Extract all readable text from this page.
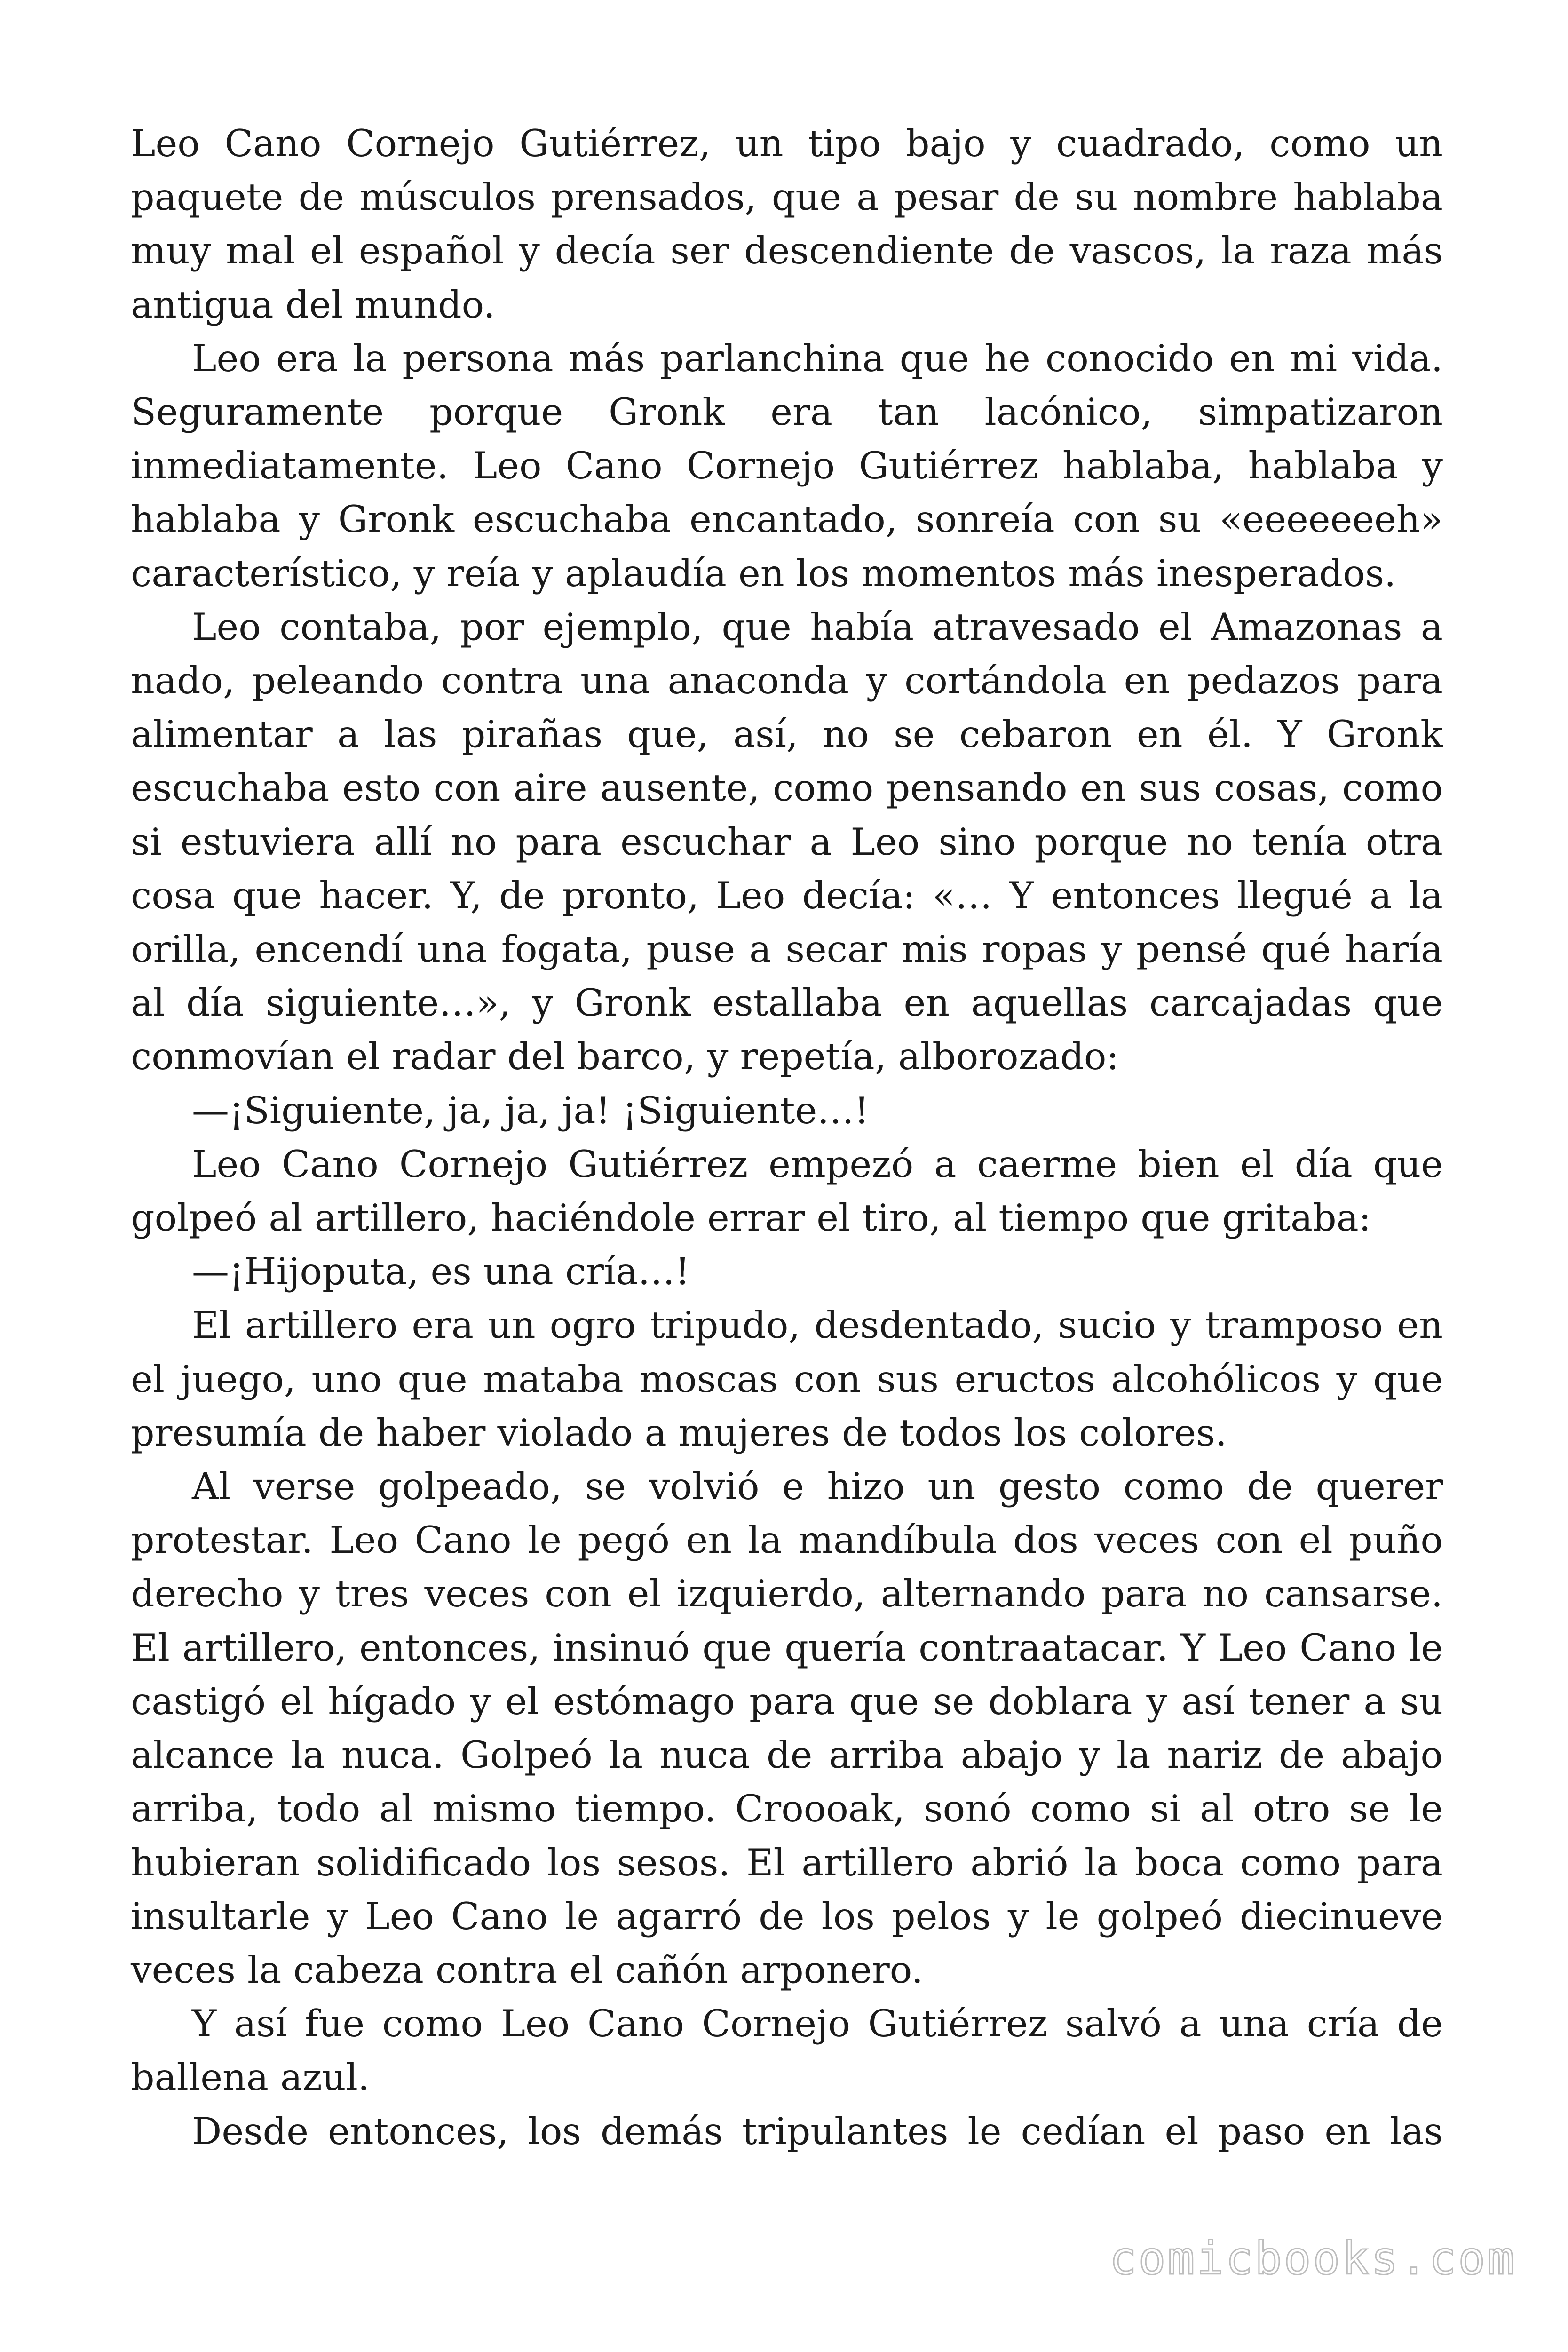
Leo Cano Cornejo Gutiérrez, un tipo bajo y cuadrado, como un paquete de músculos prensados, que a pesar de su nombre hablaba muy mal el español y decía ser descendiente de vascos, la raza más antigua del mundo.

Leo era la persona más parlanchina que he conocido en mi vida. Seguramente porque Gronk era tan lacónico, simpatizaron inmediatamente. Leo Cano Cornejo Gutiérrez hablaba, hablaba y hablaba y Gronk escuchaba encantado, sonreía con su «eeeeeeeh» característico, y reía y aplaudía en los momentos más inesperados.

Leo contaba, por ejemplo, que había atravesado el Amazonas a nado, peleando contra una anaconda y cortándola en pedazos para alimentar a las pirañas que, así, no se cebaron en él. Y Gronk escuchaba esto con aire ausente, como pensando en sus cosas, como si estuviera allí no para escuchar a Leo sino porque no tenía otra cosa que hacer. Y, de pronto, Leo decía: «… Y entonces llegué a la orilla, encendí una fogata, puse a secar mis ropas y pensé qué haría al día siguiente…», y Gronk estallaba en aquellas carcajadas que conmovían el radar del barco, y repetía, alborozado:

—¡Siguiente, ja, ja, ja! ¡Siguiente…!

Leo Cano Cornejo Gutiérrez empezó a caerme bien el día que golpeó al artillero, haciéndole errar el tiro, al tiempo que gritaba:

—¡Hijoputa, es una cría…!

El artillero era un ogro tripudo, desdentado, sucio y tramposo en el juego, uno que mataba moscas con sus eructos alcohólicos y que presumía de haber violado a mujeres de todos los colores.

Al verse golpeado, se volvió e hizo un gesto como de querer protestar. Leo Cano le pegó en la mandíbula dos veces con el puño derecho y tres veces con el izquierdo, alternando para no cansarse. El artillero, entonces, insinuó que quería contraatacar. Y Leo Cano le castigó el hígado y el estómago para que se doblara y así tener a su alcance la nuca. Golpeó la nuca de arriba abajo y la nariz de abajo arriba, todo al mismo tiempo. Croooak, sonó como si al otro se le hubieran solidificado los sesos. El artillero abrió la boca como para insultarle y Leo Cano le agarró de los pelos y le golpeó diecinueve veces la cabeza contra el cañón arponero.

Y así fue como Leo Cano Cornejo Gutiérrez salvó a una cría de ballena azul.

Desde entonces, los demás tripulantes le cedían el paso en las

comicbooks.com
